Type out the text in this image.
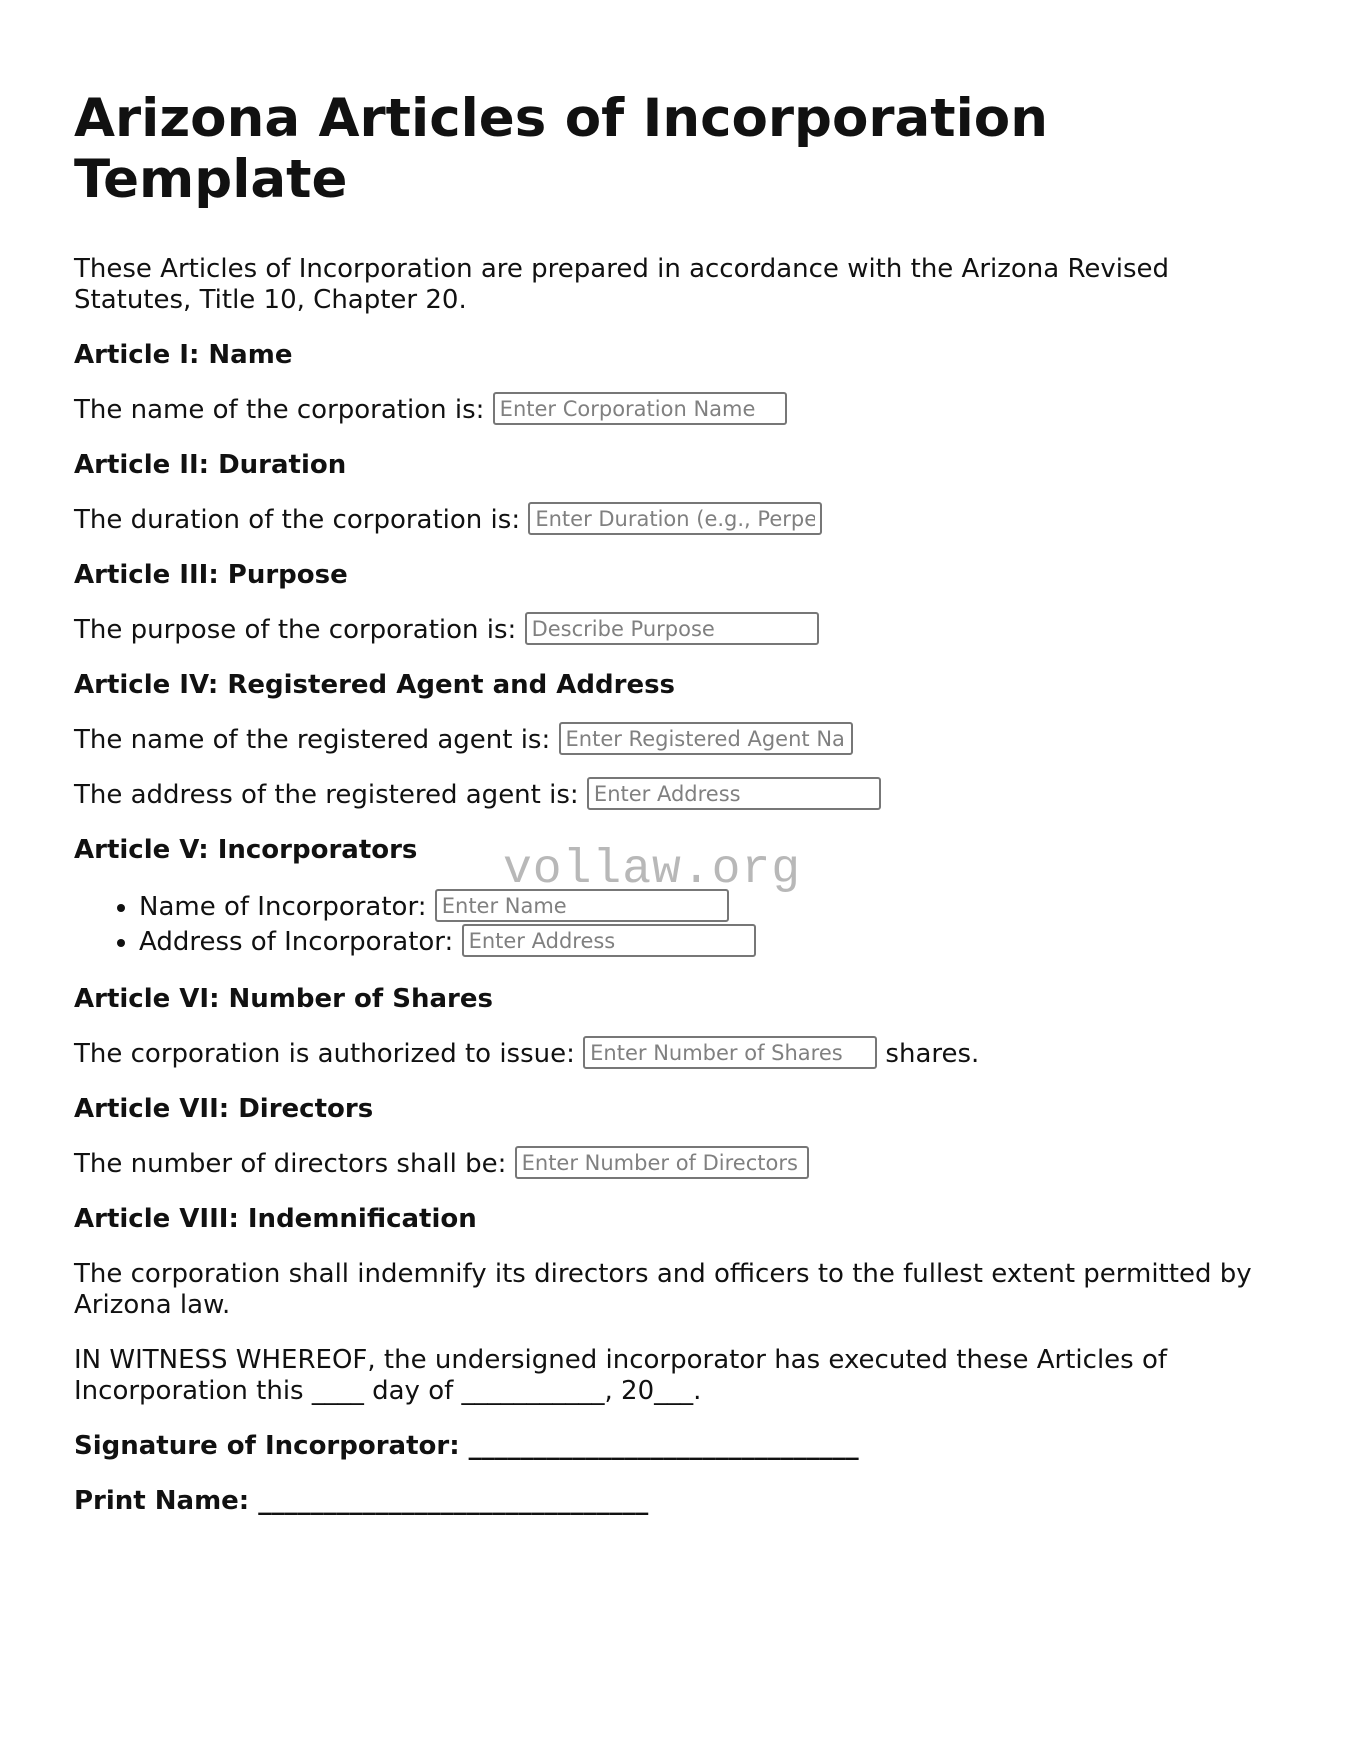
Arizona Articles of Incorporation Template

These Articles of Incorporation are prepared in accordance with the Arizona Revised Statutes, Title 10, Chapter 20.

Article I: Name

The name of the corporation is: Enter Corporation Name

Article II: Duration

The duration of the corporation is: Enter Duration (e.g., Perpetual)

Article III: Purpose

The purpose of the corporation is: Describe Purpose

Article IV: Registered Agent and Address

The name of the registered agent is: Enter Registered Agent Name

The address of the registered agent is: Enter Address

Article V: Incorporators
• Name of Incorporator: Enter Name
• Address of Incorporator: Enter Address
Article VI: Number of Shares

The corporation is authorized to issue: Enter Number of Shares	shares.

Article VII: Directors

The number of directors shall be: Enter Number of Directors

Article VIII: Indemnification

The corporation shall indemnify its directors and officers to the fullest extent permitted by Arizona law.

IN WITNESS WHEREOF, the undersigned incorporator has executed these Articles of Incorporation this ____ day of ___________, 20___.

Signature of Incorporator: ______________________________

Print Name: ______________________________

vollaw.org
